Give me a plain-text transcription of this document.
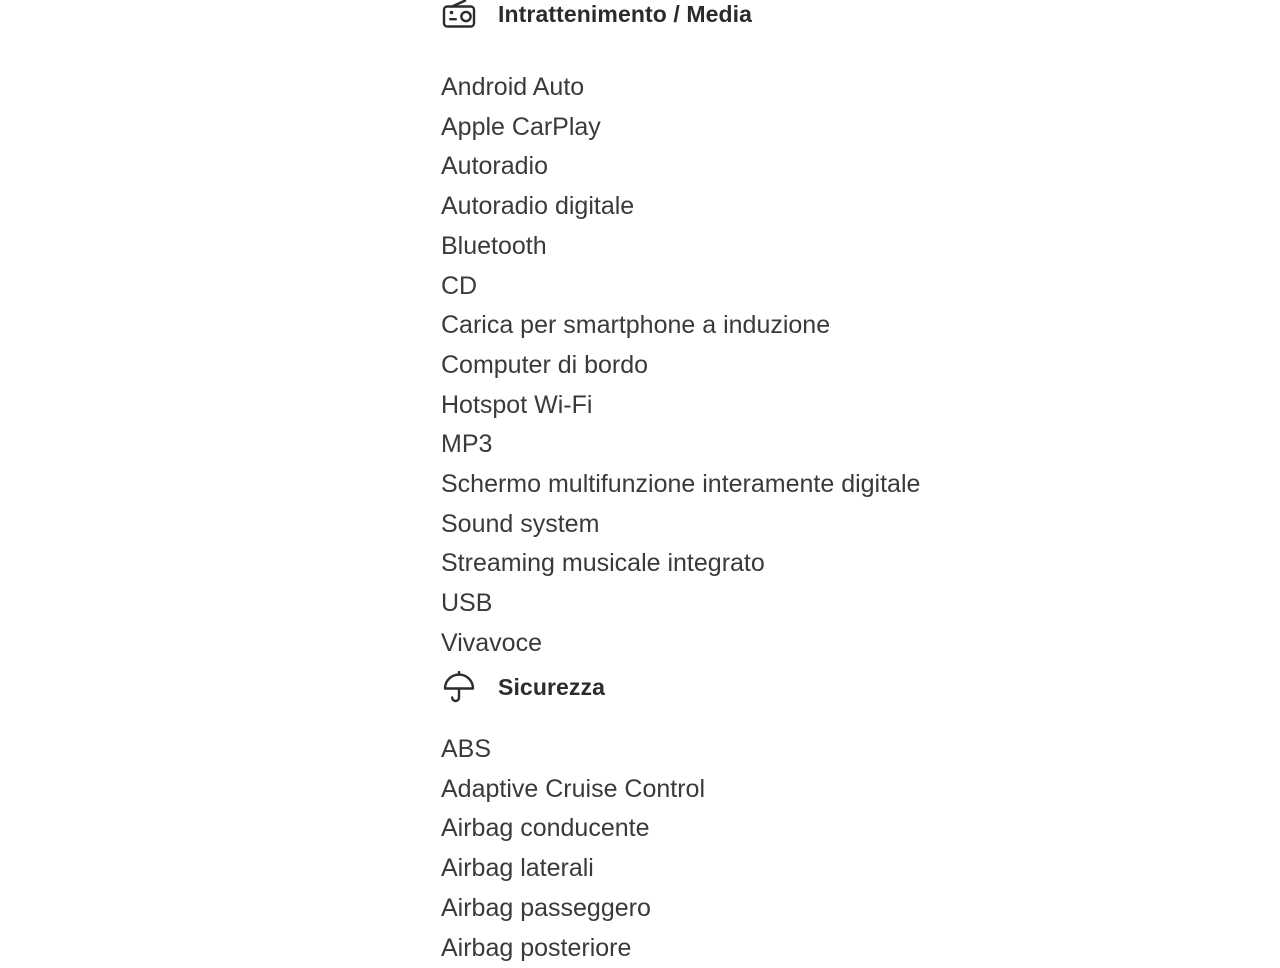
Intrattenimento / Media
Android Auto
Apple CarPlay
Autoradio
Autoradio digitale
Bluetooth
CD
Carica per smartphone a induzione
Computer di bordo
Hotspot Wi-Fi
MP3
Schermo multifunzione interamente digitale
Sound system
Streaming musicale integrato
USB
Vivavoce
Sicurezza
ABS
Adaptive Cruise Control
Airbag conducente
Airbag laterali
Airbag passeggero
Airbag posteriore
